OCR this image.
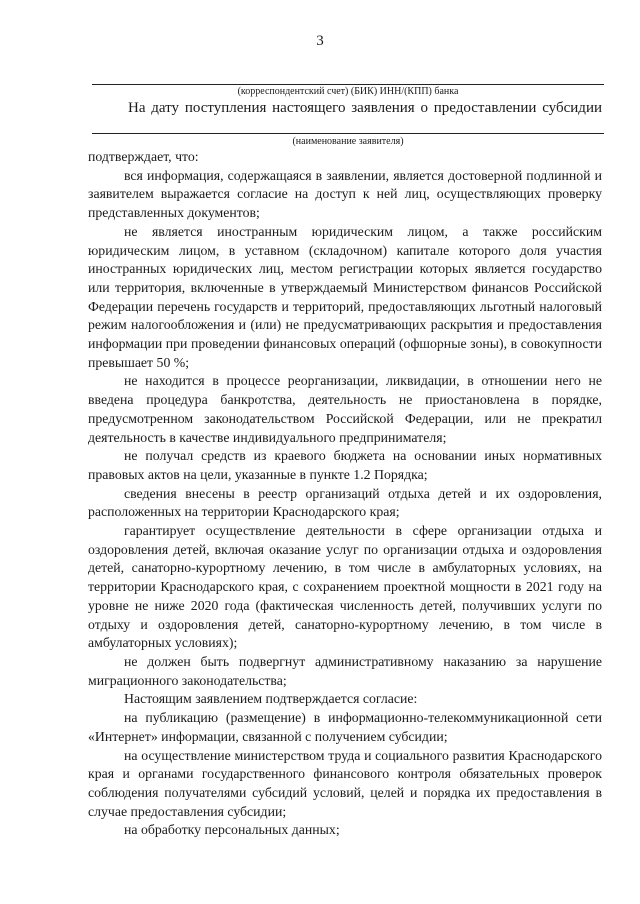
3
(корреспондентский счет) (БИК) ИНН/(КПП) банка
На дату поступления настоящего заявления о предоставлении субсидии
(наименование заявителя)

подтверждает, что:

вся информация, содержащаяся в заявлении, является достоверной подлинной и заявителем выражается согласие на доступ к ней лиц, осуществляющих проверку представленных документов;

не является иностранным юридическим лицом, а также российским юридическим лицом, в уставном (складочном) капитале которого доля участия иностранных юридических лиц, местом регистрации которых является государство или территория, включенные в утверждаемый Министерством финансов Российской Федерации перечень государств и территорий, предоставляющих льготный налоговый режим налогообложения и (или) не предусматривающих раскрытия и предоставления информации при проведении финансовых операций (офшорные зоны), в совокупности превышает 50 %;

не находится в процессе реорганизации, ликвидации, в отношении него не введена процедура банкротства, деятельность не приостановлена в порядке, предусмотренном законодательством Российской Федерации, или не прекратил деятельность в качестве индивидуального предпринимателя;

не получал средств из краевого бюджета на основании иных нормативных правовых актов на цели, указанные в пункте 1.2 Порядка;

сведения внесены в реестр организаций отдыха детей и их оздоровления, расположенных на территории Краснодарского края;

гарантирует осуществление деятельности в сфере организации отдыха и оздоровления детей, включая оказание услуг по организации отдыха и оздоровления детей, санаторно-курортному лечению, в том числе в амбулаторных условиях, на территории Краснодарского края, с сохранением проектной мощности в 2021 году на уровне не ниже 2020 года (фактическая численность детей, получивших услуги по отдыху и оздоровления детей, санаторно-курортному лечению, в том числе в амбулаторных условиях);

не должен быть подвергнут административному наказанию за нарушение миграционного законодательства;

Настоящим заявлением подтверждается согласие:

на публикацию (размещение) в информационно-телекоммуникационной сети «Интернет» информации, связанной с получением субсидии;

на осуществление министерством труда и социального развития Краснодарского края и органами государственного финансового контроля обязательных проверок соблюдения получателями субсидий условий, целей и порядка их предоставления в случае предоставления субсидии;

на обработку персональных данных;
